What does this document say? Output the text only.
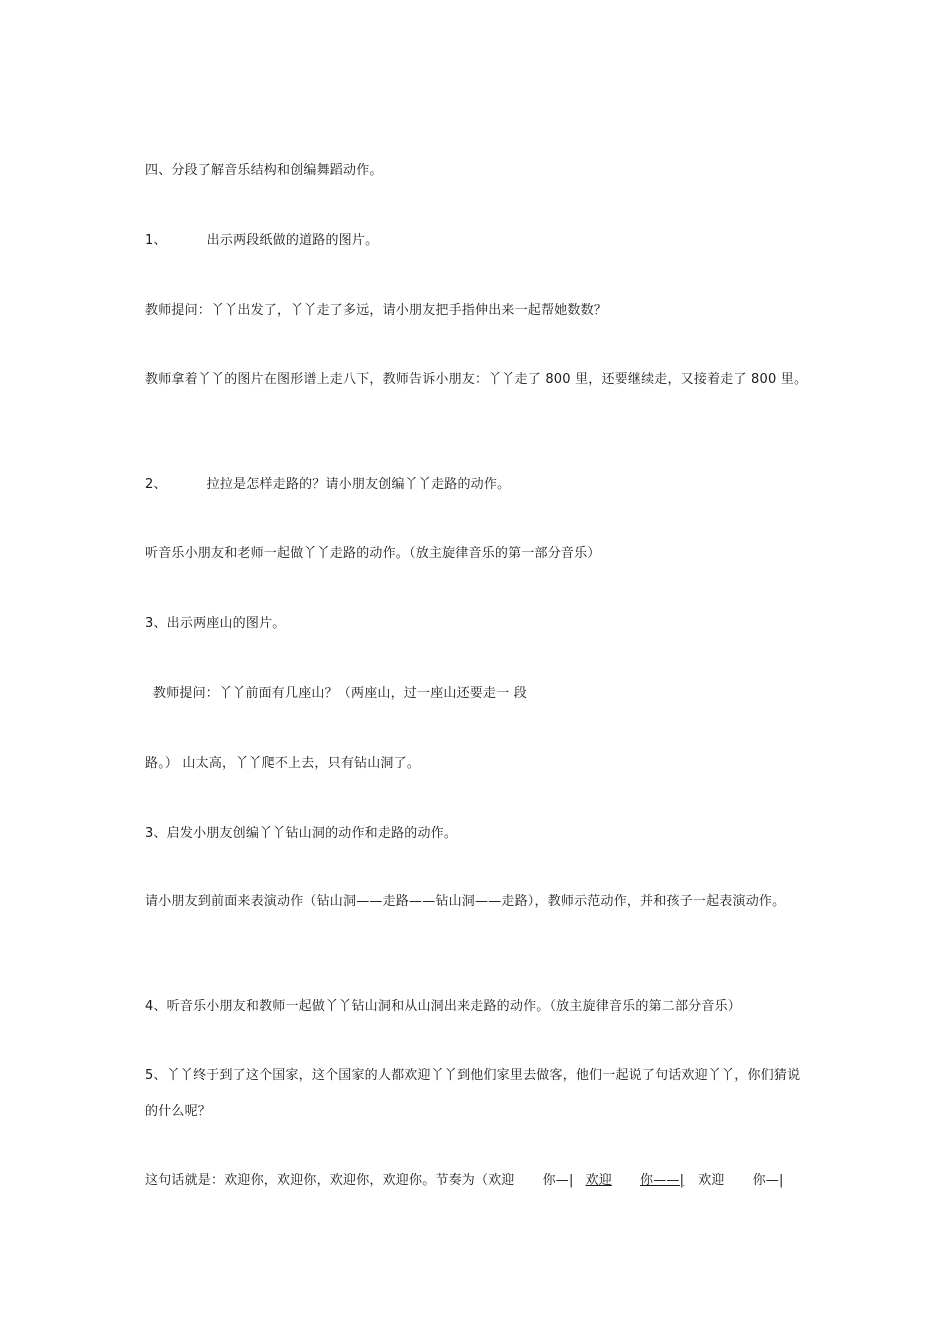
四、分段了解音乐结构和创编舞蹈动作。
1、	出示两段纸做的道路的图片。
教师提问：丫丫出发了，丫丫走了多远，请小朋友把手指伸出来一起帮她数数？
教师拿着丫丫的图片在图形谱上走八下，教师告诉小朋友：丫丫走了 800 里，还要继续走，又接着走了 800 里。
2、	拉拉是怎样走路的？请小朋友创编丫丫走路的动作。
听音乐小朋友和老师一起做丫丫走路的动作。（放主旋律音乐的第一部分音乐）
3、出示两座山的图片。
教师提问：丫丫前面有几座山？（两座山，过一座山还要走一 段
路。） 山太高，丫丫爬不上去，只有钻山洞了。
3、启发小朋友创编丫丫钻山洞的动作和走路的动作。
请小朋友到前面来表演动作（钻山洞——走路——钻山洞——走路），教师示范动作，并和孩子一起表演动作。
4、听音乐小朋友和教师一起做丫丫钻山洞和从山洞出来走路的动作。（放主旋律音乐的第二部分音乐）
5、丫丫终于到了这个国家，这个国家的人都欢迎丫丫到他们家里去做客，他们一起说了句话欢迎丫丫，你们猜说的什么呢？
这句话就是：欢迎你，欢迎你，欢迎你，欢迎你。节奏为（欢迎 你—| 欢迎 你——| 欢迎 你—|
